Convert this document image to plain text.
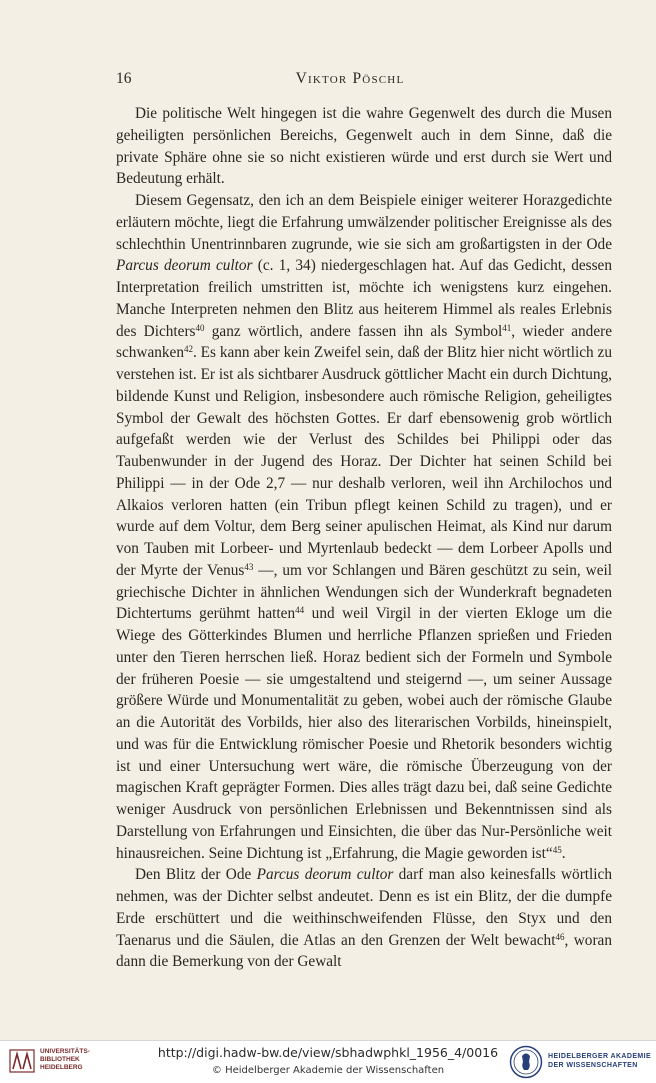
16	Viktor Pöschl

Die politische Welt hingegen ist die wahre Gegenwelt des durch die Musen geheiligten persönlichen Bereichs, Gegenwelt auch in dem Sinne, daß die private Sphäre ohne sie so nicht existieren würde und erst durch sie Wert und Bedeutung erhält.

Diesem Gegensatz, den ich an dem Beispiele einiger weiterer Horazgedichte erläutern möchte, liegt die Erfahrung umwälzender politischer Ereignisse als des schlechthin Unentrinnbaren zugrunde, wie sie sich am großartigsten in der Ode Parcus deorum cultor (c. 1, 34) niedergeschlagen hat. Auf das Gedicht, dessen Interpretation freilich umstritten ist, möchte ich wenigstens kurz eingehen. Manche Interpreten nehmen den Blitz aus heiterem Himmel als reales Erlebnis des Dichters$^{40}$ ganz wörtlich, andere fassen ihn als Symbol$^{41}$, wieder andere schwanken$^{42}$. Es kann aber kein Zweifel sein, daß der Blitz hier nicht wörtlich zu verstehen ist. Er ist als sichtbarer Ausdruck göttlicher Macht ein durch Dichtung, bildende Kunst und Religion, insbesondere auch römische Religion, geheiligtes Symbol der Gewalt des höchsten Gottes. Er darf ebensowenig grob wörtlich aufgefaßt werden wie der Verlust des Schildes bei Philippi oder das Taubenwunder in der Jugend des Horaz. Der Dichter hat seinen Schild bei Philippi — in der Ode 2,7 — nur deshalb verloren, weil ihn Archilochos und Alkaios verloren hatten (ein Tribun pflegt keinen Schild zu tragen), und er wurde auf dem Voltur, dem Berg seiner apulischen Heimat, als Kind nur darum von Tauben mit Lorbeer- und Myrtenlaub bedeckt — dem Lorbeer Apolls und der Myrte der Venus$^{43}$ —, um vor Schlangen und Bären geschützt zu sein, weil griechische Dichter in ähnlichen Wendungen sich der Wunderkraft begnadeten Dichtertums gerühmt hatten$^{44}$ und weil Virgil in der vierten Ekloge um die Wiege des Götterkindes Blumen und herrliche Pflanzen sprießen und Frieden unter den Tieren herrschen ließ. Horaz bedient sich der Formeln und Symbole der früheren Poesie — sie umgestaltend und steigernd —, um seiner Aussage größere Würde und Monumentalität zu geben, wobei auch der römische Glaube an die Autorität des Vorbilds, hier also des literarischen Vorbilds, hineinspielt, und was für die Entwicklung römischer Poesie und Rhetorik besonders wichtig ist und einer Untersuchung wert wäre, die römische Überzeugung von der magischen Kraft geprägter Formen. Dies alles trägt dazu bei, daß seine Gedichte weniger Ausdruck von persönlichen Erlebnissen und Bekenntnissen sind als Darstellung von Erfahrungen und Einsichten, die über das Nur-Persönliche weit hinausreichen. Seine Dichtung ist „Erfahrung, die Magie geworden ist“$^{45}$.

Den Blitz der Ode Parcus deorum cultor darf man also keinesfalls wörtlich nehmen, was der Dichter selbst andeutet. Denn es ist ein Blitz, der die dumpfe Erde erschüttert und die weithinschweifenden Flüsse, den Styx und den Taenarus und die Säulen, die Atlas an den Grenzen der Welt bewacht$^{46}$, woran dann die Bemerkung von der Gewalt

UNIVERSITÄTS-
BIBLIOTHEK
HEIDELBERG
http://digi.hadw-bw.de/view/sbhadwphkl_1956_4/0016
© Heidelberger Akademie der Wissenschaften
HEIDELBERGER AKADEMIE
DER WISSENSCHAFTEN
